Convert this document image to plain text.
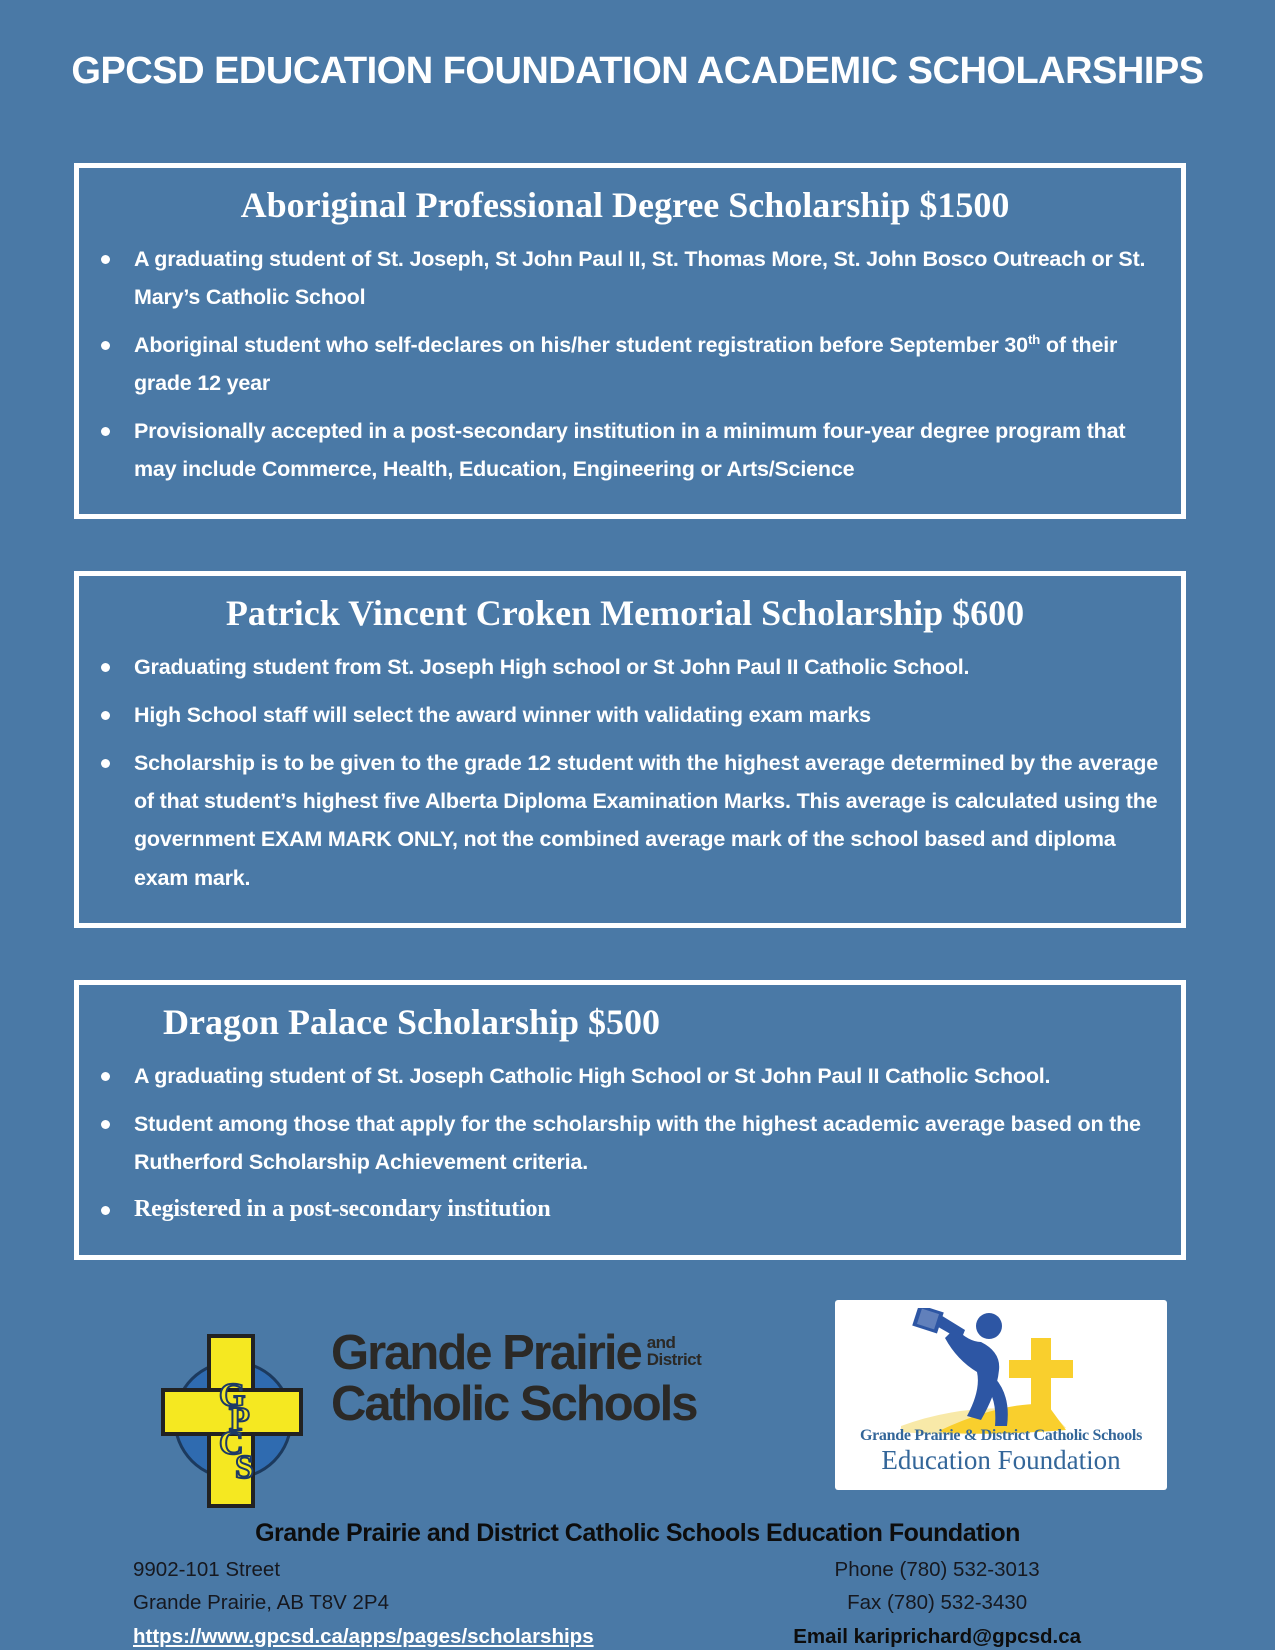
GPCSD EDUCATION FOUNDATION ACADEMIC SCHOLARSHIPS
Aboriginal Professional Degree Scholarship $1500
A graduating student of St. Joseph, St John Paul II, St. Thomas More, St. John Bosco Outreach or St. Mary’s Catholic School
Aboriginal student who self-declares on his/her student registration before September 30th of their grade 12 year
Provisionally accepted in a post-secondary institution in a minimum four-year degree program that may include Commerce, Health, Education, Engineering or Arts/Science
Patrick Vincent Croken Memorial Scholarship $600
Graduating student from St. Joseph High school or St John Paul II Catholic School.
High School staff will select the award winner with validating exam marks
Scholarship is to be given to the grade 12 student with the highest average determined by the average of that student’s highest five Alberta Diploma Examination Marks. This average is calculated using the government EXAM MARK ONLY, not the combined average mark of the school based and diploma exam mark.
Dragon Palace Scholarship $500
A graduating student of St. Joseph Catholic High School or St John Paul II Catholic School.
Student among those that apply for the scholarship with the highest academic average based on the Rutherford Scholarship Achievement criteria.
Registered in a post-secondary institution
G
P
C
S
Grande Prairie and
District
Catholic Schools
Grande Prairie & District Catholic Schools
Education Foundation
Grande Prairie and District Catholic Schools Education Foundation
9902-101 Street
Grande Prairie, AB T8V 2P4
https://www.gpcsd.ca/apps/pages/scholarships
Phone (780) 532-3013
Fax (780) 532-3430
Email kariprichard@gpcsd.ca
